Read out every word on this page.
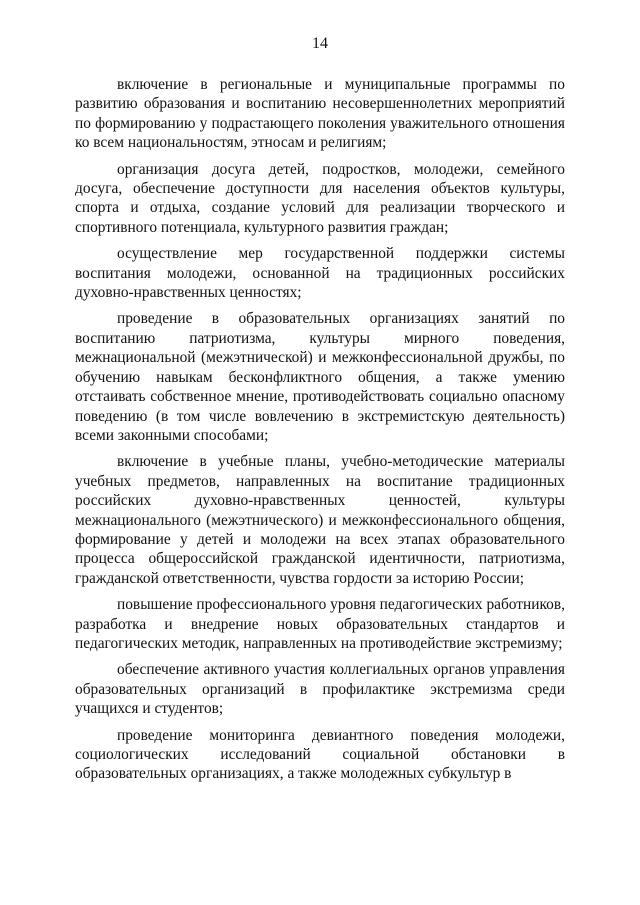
14

включение в региональные и муниципальные программы по развитию образования и воспитанию несовершеннолетних мероприятий по формированию у подрастающего поколения уважительного отношения ко всем национальностям, этносам и религиям;

организация досуга детей, подростков, молодежи, семейного досуга, обеспечение доступности для населения объектов культуры, спорта и отдыха, создание условий для реализации творческого и спортивного потенциала, культурного развития граждан;

осуществление мер государственной поддержки системы воспитания молодежи, основанной на традиционных российских духовно-нравственных ценностях;

проведение в образовательных организациях занятий по воспитанию патриотизма, культуры мирного поведения, межнациональной (межэтнической) и межконфессиональной дружбы, по обучению навыкам бесконфликтного общения, а также умению отстаивать собственное мнение, противодействовать социально опасному поведению (в том числе вовлечению в экстремистскую деятельность) всеми законными способами;

включение в учебные планы, учебно-методические материалы учебных предметов, направленных на воспитание традиционных российских духовно-нравственных ценностей, культуры межнационального (межэтнического) и межконфессионального общения, формирование у детей и молодежи на всех этапах образовательного процесса общероссийской гражданской идентичности, патриотизма, гражданской ответственности, чувства гордости за историю России;

повышение профессионального уровня педагогических работников, разработка и внедрение новых образовательных стандартов и педагогических методик, направленных на противодействие экстремизму;

обеспечение активного участия коллегиальных органов управления образовательных организаций в профилактике экстремизма среди учащихся и студентов;

проведение мониторинга девиантного поведения молодежи, социологических исследований социальной обстановки в образовательных организациях, а также молодежных субкультур в
